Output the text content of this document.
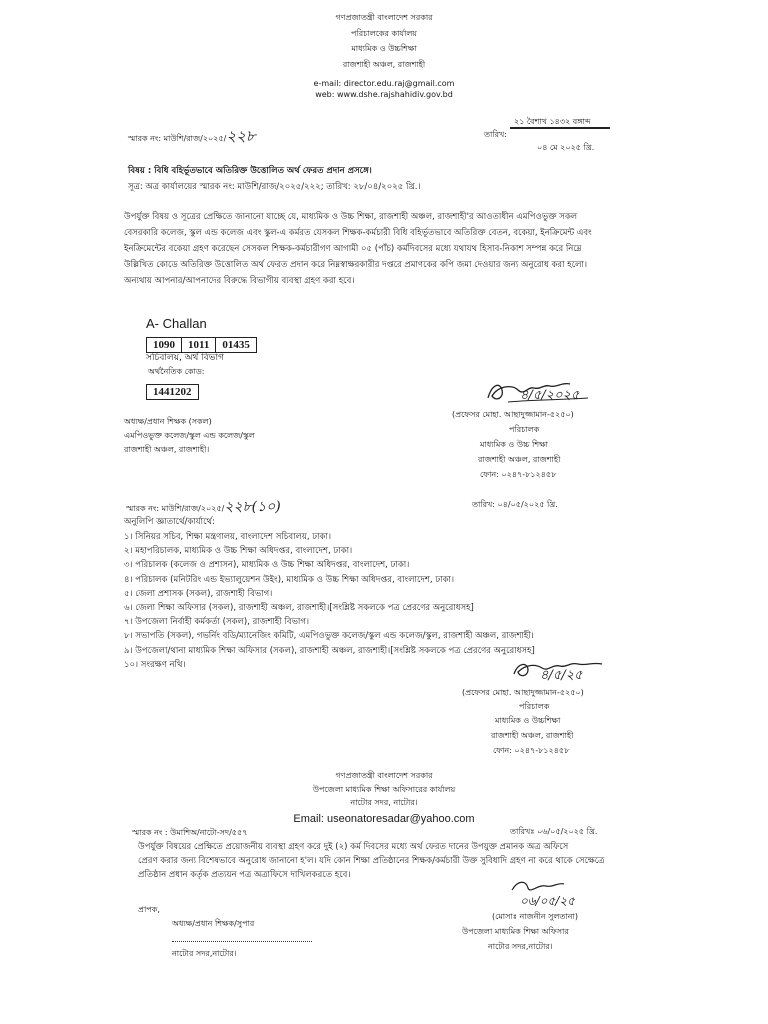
গণপ্রজাতন্ত্রী বাংলাদেশ সরকার
পরিচালকের কার্যালয়
মাধ্যমিক ও উচ্চশিক্ষা
রাজশাহী অঞ্চল, রাজশাহী
e-mail: director.edu.raj@gmail.com
web: www.dshe.rajshahidiv.gov.bd
২১ বৈশাখ ১৪৩২ বঙ্গাব্দ
তারিখ:
০৪ মে ২০২৫ খ্রি.
স্মারক নং: মাউশি/রাজ/২০২৫/২২৮
বিষয় : বিধি বহির্ভূতভাবে অতিরিক্ত উত্তোলিত অর্থ ফেরত প্রদান প্রসঙ্গে।
সূত্র: অত্র কার্যালয়ের স্মারক নং: মাউশি/রাজ/২০২৫/২২২; তারিখ: ২৮/০৪/২০২৫ খ্রি.।
উপর্যুক্ত বিষয় ও সূত্রের প্রেক্ষিতে জানানো যাচ্ছে যে, মাধ্যমিক ও উচ্চ শিক্ষা, রাজশাহী অঞ্চল, রাজশাহী'র আওতাধীন এমপিওভুক্ত সকল
বেসরকারি কলেজ, স্কুল এন্ড কলেজ এবং স্কুল-এ কর্মরত যেসকল শিক্ষক-কর্মচারী বিধি বহির্ভূতভাবে অতিরিক্ত বেতন, বকেয়া, ইনক্রিমেন্ট এবং
ইনক্রিমেন্টের বকেয়া গ্রহণ করেছেন সেসকল শিক্ষক-কর্মচারীগণ আগামী ০৫ (পাঁচ) কর্মদিবসের মধ্যে যথাযথ হিসাব-নিকাশ সম্পন্ন করে নিম্নে
উল্লিখিত কোডে অতিরিক্ত উত্তোলিত অর্থ ফেরত প্রদান করে নিম্নস্বাক্ষরকারীর দপ্তরে প্রমাণকের কপি জমা দেওয়ার জন্য অনুরোধ করা হলো।
অন্যথায় আপনার/আপনাদের বিরুদ্ধে বিভাগীয় ব্যবস্থা গ্রহণ করা হবে।
A- Challan
1090 1011 01435
সচিবালয়, অর্থ বিভাগ
অর্থনৈতিক কোড:
1441202	৪/৫/২০২৫
(প্রফেসর মোহা. আছাদুজ্জামান-৫২৫০)
পরিচালক
মাধ্যমিক ও উচ্চ শিক্ষা
রাজশাহী অঞ্চল, রাজশাহী
ফোন: ০২৪৭-৮১২৪৫৮
অধ্যক্ষ/প্রধান শিক্ষক (সকল)
এমপিওভুক্ত কলেজ/স্কুল এন্ড কলেজ/স্কুল
রাজশাহী অঞ্চল, রাজশাহী।
স্মারক নং: মাউশি/রাজ/২০২৫/২২৮(১০)	তারিখ: ০৪/০৫/২০২৫ খ্রি.
অনুলিপি জ্ঞাতার্থে/কার্যার্থে:
১। সিনিয়র সচিব, শিক্ষা মন্ত্রণালয়, বাংলাদেশ সচিবালয়, ঢাকা।
২। মহাপরিচালক, মাধ্যমিক ও উচ্চ শিক্ষা অধিদপ্তর, বাংলাদেশ, ঢাকা।
৩। পরিচালক (কলেজ ও প্রশাসন), মাধ্যমিক ও উচ্চ শিক্ষা অধিদপ্তর, বাংলাদেশ, ঢাকা।
৪। পরিচালক (মনিটরিং এন্ড ইভ্যালুয়েশন উইং), মাধ্যমিক ও উচ্চ শিক্ষা অধিদপ্তর, বাংলাদেশ, ঢাকা।
৫। জেলা প্রশাসক (সকল), রাজশাহী বিভাগ।
৬। জেলা শিক্ষা অফিসার (সকল), রাজশাহী অঞ্চল, রাজশাহী।[সংশ্লিষ্ট সকলকে পত্র প্রেরণের অনুরোধসহ]
৭। উপজেলা নির্বাহী কর্মকর্তা (সকল), রাজশাহী বিভাগ।
৮। সভাপতি (সকল), গভর্নিং বডি/ম্যানেজিং কমিটি, এমপিওভুক্ত কলেজ/স্কুল এন্ড কলেজ/স্কুল, রাজশাহী অঞ্চল, রাজশাহী।
৯। উপজেলা/থানা মাধ্যমিক শিক্ষা অফিসার (সকল), রাজশাহী অঞ্চল, রাজশাহী।[সংশ্লিষ্ট সকলকে পত্র প্রেরণের অনুরোধসহ]
১০। সংরক্ষণ নথি।
৪/৫/২৫
(প্রফেসর মোহা. আছাদুজ্জামান-৫২৫০)
পরিচালক
মাধ্যমিক ও উচ্চশিক্ষা
রাজশাহী অঞ্চল, রাজশাহী
ফোন: ০২৪৭-৮১২৪৫৮
গণপ্রজাতন্ত্রী বাংলাদেশ সরকার
উপজেলা মাধ্যমিক শিক্ষা অফিসারের কার্যালয়
নাটোর সদর, নাটোর।
Email: useonatoresadar@yahoo.com
স্মারক নং : উমাশিঅ/নাটো-সদ/৫৫৭	তারিখঃ ০৬/০৫/২০২৫ খ্রি.
উপর্যুক্ত বিষয়ের প্রেক্ষিতে প্রয়োজনীয় ব্যবস্থা গ্রহণ করে দুই (২) কর্ম দিবসের মধ্যে অর্থ ফেরত দানের উপযুক্ত প্রমানক অত্র অফিসে
প্রেরণ করার জন্য বিশেষভাবে অনুরোধ জানানো হ'ল। যদি কোন শিক্ষা প্রতিষ্ঠানের শিক্ষক/কর্মচারী উক্ত সুবিধাদি গ্রহণ না করে থাকে সেক্ষেত্রে
প্রতিষ্ঠান প্রধান কর্তৃক প্রত্যয়ন পত্র অত্রাফিসে দাখিলকরতে হবে।
০৬/০৫/২৫
(মোসাঃ নাজনীন সুলতানা)
উপজেলা মাধ্যমিক শিক্ষা অফিসার
নাটোর সদর,নাটোর।
প্রাপক,
অধ্যক্ষ/প্রধান শিক্ষক/সুপার
নাটোর সদর,নাটোর।
